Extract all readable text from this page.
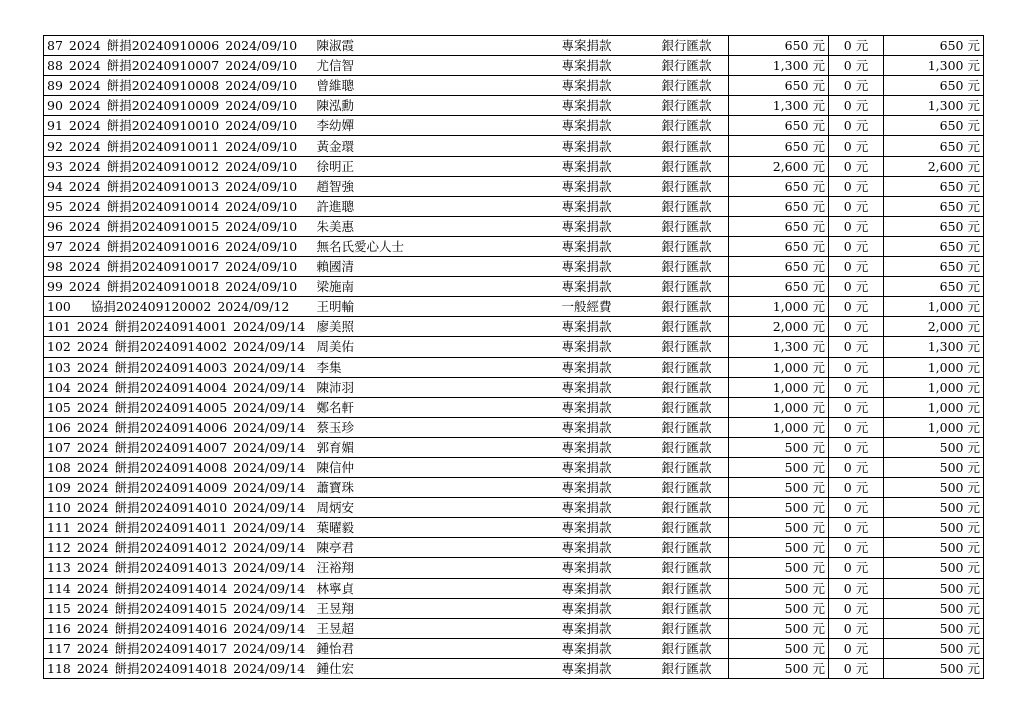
87 2024 餅捐20240910006 2024/09/10	陳淑霞	專案捐款	銀行匯款	650 元	0 元	650 元
88 2024 餅捐20240910007 2024/09/10	尤信智	專案捐款	銀行匯款	1,300 元	0 元	1,300 元
89 2024 餅捐20240910008 2024/09/10	曾維聰	專案捐款	銀行匯款	650 元	0 元	650 元
90 2024 餅捐20240910009 2024/09/10	陳泓勳	專案捐款	銀行匯款	1,300 元	0 元	1,300 元
91 2024 餅捐20240910010 2024/09/10	李幼嬋	專案捐款	銀行匯款	650 元	0 元	650 元
92 2024 餅捐20240910011 2024/09/10	黃金環	專案捐款	銀行匯款	650 元	0 元	650 元
93 2024 餅捐20240910012 2024/09/10	徐明正	專案捐款	銀行匯款	2,600 元	0 元	2,600 元
94 2024 餅捐20240910013 2024/09/10	趙智強	專案捐款	銀行匯款	650 元	0 元	650 元
95 2024 餅捐20240910014 2024/09/10	許進聰	專案捐款	銀行匯款	650 元	0 元	650 元
96 2024 餅捐20240910015 2024/09/10	朱美惠	專案捐款	銀行匯款	650 元	0 元	650 元
97 2024 餅捐20240910016 2024/09/10	無名氏愛心人士	專案捐款	銀行匯款	650 元	0 元	650 元
98 2024 餅捐20240910017 2024/09/10	賴國清	專案捐款	銀行匯款	650 元	0 元	650 元
99 2024 餅捐20240910018 2024/09/10	梁施南	專案捐款	銀行匯款	650 元	0 元	650 元
100 協捐202409120002 2024/09/12	王明輸	一般經費	銀行匯款	1,000 元	0 元	1,000 元
101 2024 餅捐20240914001 2024/09/14	廖美照	專案捐款	銀行匯款	2,000 元	0 元	2,000 元
102 2024 餅捐20240914002 2024/09/14	周美佑	專案捐款	銀行匯款	1,300 元	0 元	1,300 元
103 2024 餅捐20240914003 2024/09/14	李集	專案捐款	銀行匯款	1,000 元	0 元	1,000 元
104 2024 餅捐20240914004 2024/09/14	陳沛羽	專案捐款	銀行匯款	1,000 元	0 元	1,000 元
105 2024 餅捐20240914005 2024/09/14	鄭名軒	專案捐款	銀行匯款	1,000 元	0 元	1,000 元
106 2024 餅捐20240914006 2024/09/14	蔡玉珍	專案捐款	銀行匯款	1,000 元	0 元	1,000 元
107 2024 餅捐20240914007 2024/09/14	郭育媚	專案捐款	銀行匯款	500 元	0 元	500 元
108 2024 餅捐20240914008 2024/09/14	陳信仲	專案捐款	銀行匯款	500 元	0 元	500 元
109 2024 餅捐20240914009 2024/09/14	蕭寶珠	專案捐款	銀行匯款	500 元	0 元	500 元
110 2024 餅捐20240914010 2024/09/14	周炳安	專案捐款	銀行匯款	500 元	0 元	500 元
111 2024 餅捐20240914011 2024/09/14	葉曜毅	專案捐款	銀行匯款	500 元	0 元	500 元
112 2024 餅捐20240914012 2024/09/14	陳亭君	專案捐款	銀行匯款	500 元	0 元	500 元
113 2024 餅捐20240914013 2024/09/14	汪裕翔	專案捐款	銀行匯款	500 元	0 元	500 元
114 2024 餅捐20240914014 2024/09/14	林寧貞	專案捐款	銀行匯款	500 元	0 元	500 元
115 2024 餅捐20240914015 2024/09/14	王昱翔	專案捐款	銀行匯款	500 元	0 元	500 元
116 2024 餅捐20240914016 2024/09/14	王昱超	專案捐款	銀行匯款	500 元	0 元	500 元
117 2024 餅捐20240914017 2024/09/14	鍾怡君	專案捐款	銀行匯款	500 元	0 元	500 元
118 2024 餅捐20240914018 2024/09/14	鍾仕宏	專案捐款	銀行匯款	500 元	0 元	500 元
